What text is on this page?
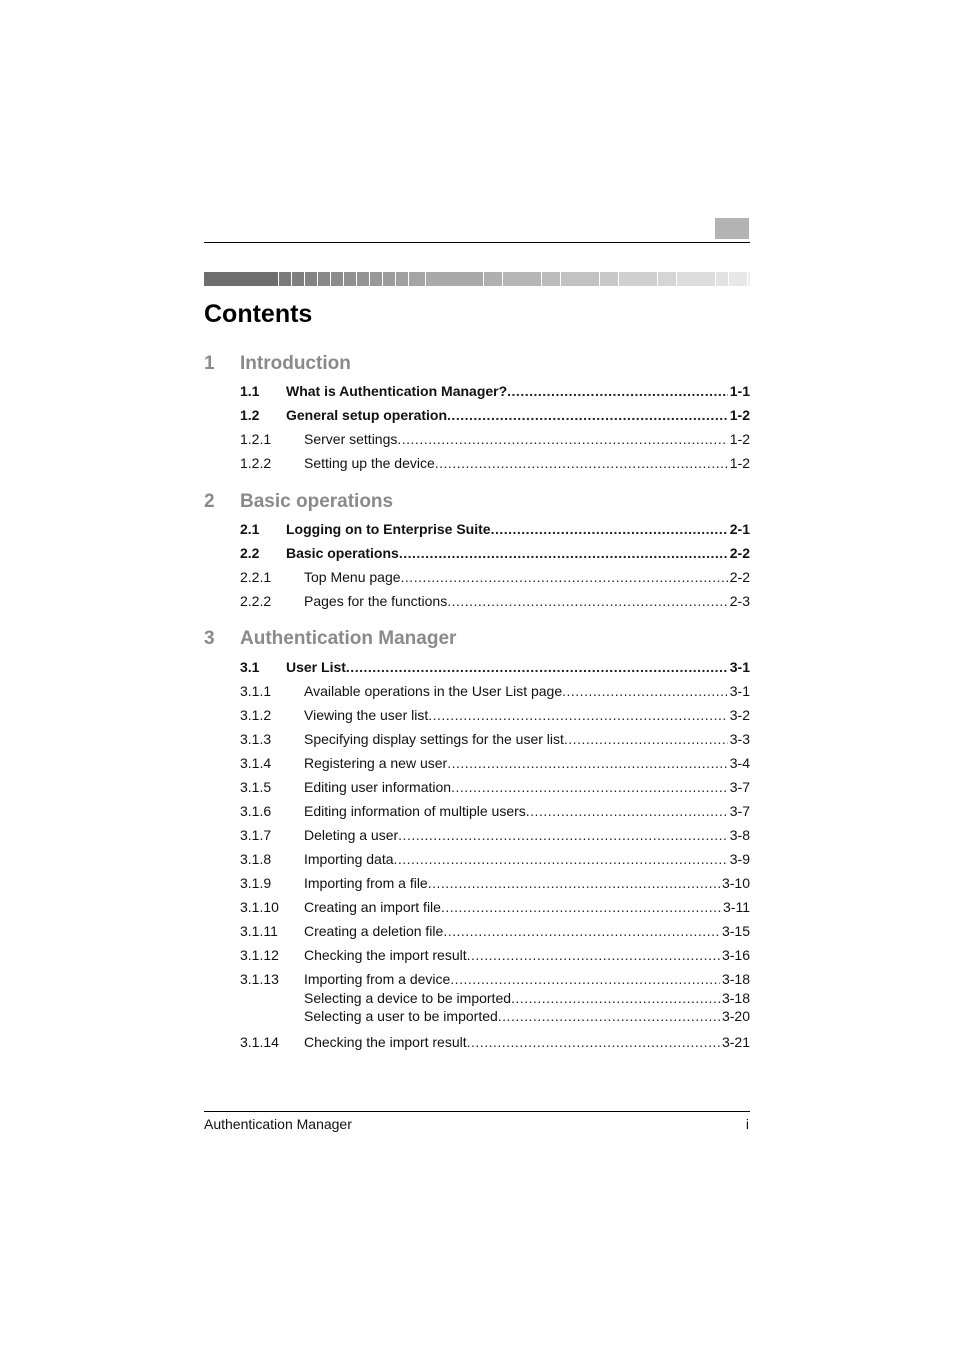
Contents
1 Introduction
1.1 What is Authentication Manager? .....	1-1
1.2 General setup operation .....	1-2
1.2.1 Server settings .....	1-2
1.2.2 Setting up the device .....	1-2
2 Basic operations
2.1 Logging on to Enterprise Suite .....	2-1
2.2 Basic operations .....	2-2
2.2.1 Top Menu page .....	2-2
2.2.2 Pages for the functions .....	2-3
3 Authentication Manager
3.1 User List .....	3-1
3.1.1 Available operations in the User List page .....	3-1
3.1.2 Viewing the user list .....	3-2
3.1.3 Specifying display settings for the user list .....	3-3
3.1.4 Registering a new user .....	3-4
3.1.5 Editing user information .....	3-7
3.1.6 Editing information of multiple users .....	3-7
3.1.7 Deleting a user .....	3-8
3.1.8 Importing data .....	3-9
3.1.9 Importing from a file .....	3-10
3.1.10 Creating an import file .....	3-11
3.1.11 Creating a deletion file .....	3-15
3.1.12 Checking the import result .....	3-16
3.1.13 Importing from a device .....	3-18
Selecting a device to be imported .....	3-18
Selecting a user to be imported .....	3-20
3.1.14 Checking the import result .....	3-21
Authentication Manager	i
